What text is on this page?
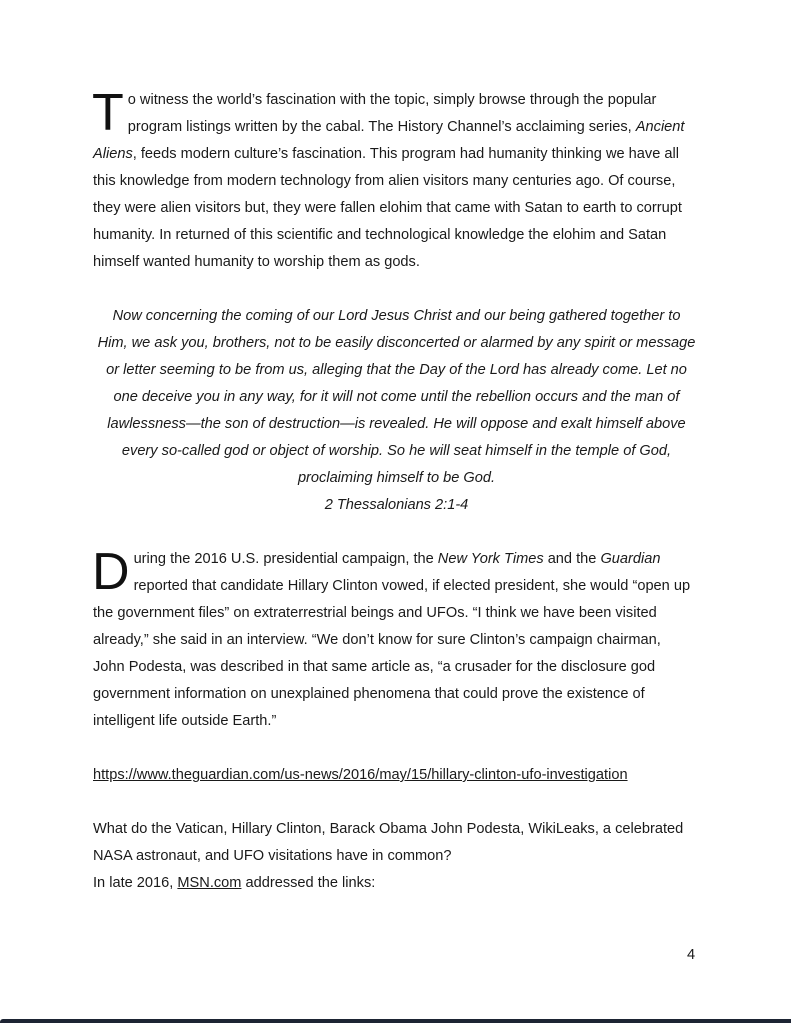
To witness the world’s fascination with the topic, simply browse through the popular program listings written by the cabal. The History Channel’s acclaiming series, Ancient Aliens, feeds modern culture’s fascination. This program had humanity thinking we have all this knowledge from modern technology from alien visitors many centuries ago. Of course, they were alien visitors but, they were fallen elohim that came with Satan to earth to corrupt humanity. In returned of this scientific and technological knowledge the elohim and Satan himself wanted humanity to worship them as gods.

Now concerning the coming of our Lord Jesus Christ and our being gathered together to Him, we ask you, brothers, not to be easily disconcerted or alarmed by any spirit or message or letter seeming to be from us, alleging that the Day of the Lord has already come. Let no one deceive you in any way, for it will not come until the rebellion occurs and the man of lawlessness—the son of destruction—is revealed. He will oppose and exalt himself above every so-called god or object of worship. So he will seat himself in the temple of God, proclaiming himself to be God.
2 Thessalonians 2:1-4

During the 2016 U.S. presidential campaign, the New York Times and the Guardian reported that candidate Hillary Clinton vowed, if elected president, she would “open up the government files” on extraterrestrial beings and UFOs. “I think we have been visited already,” she said in an interview. “We don’t know for sure Clinton’s campaign chairman, John Podesta, was described in that same article as, “a crusader for the disclosure god government information on unexplained phenomena that could prove the existence of intelligent life outside Earth.”

https://www.theguardian.com/us-news/2016/may/15/hillary-clinton-ufo-investigation

What do the Vatican, Hillary Clinton, Barack Obama John Podesta, WikiLeaks, a celebrated NASA astronaut, and UFO visitations have in common?
In late 2016, MSN.com addressed the links:

4
